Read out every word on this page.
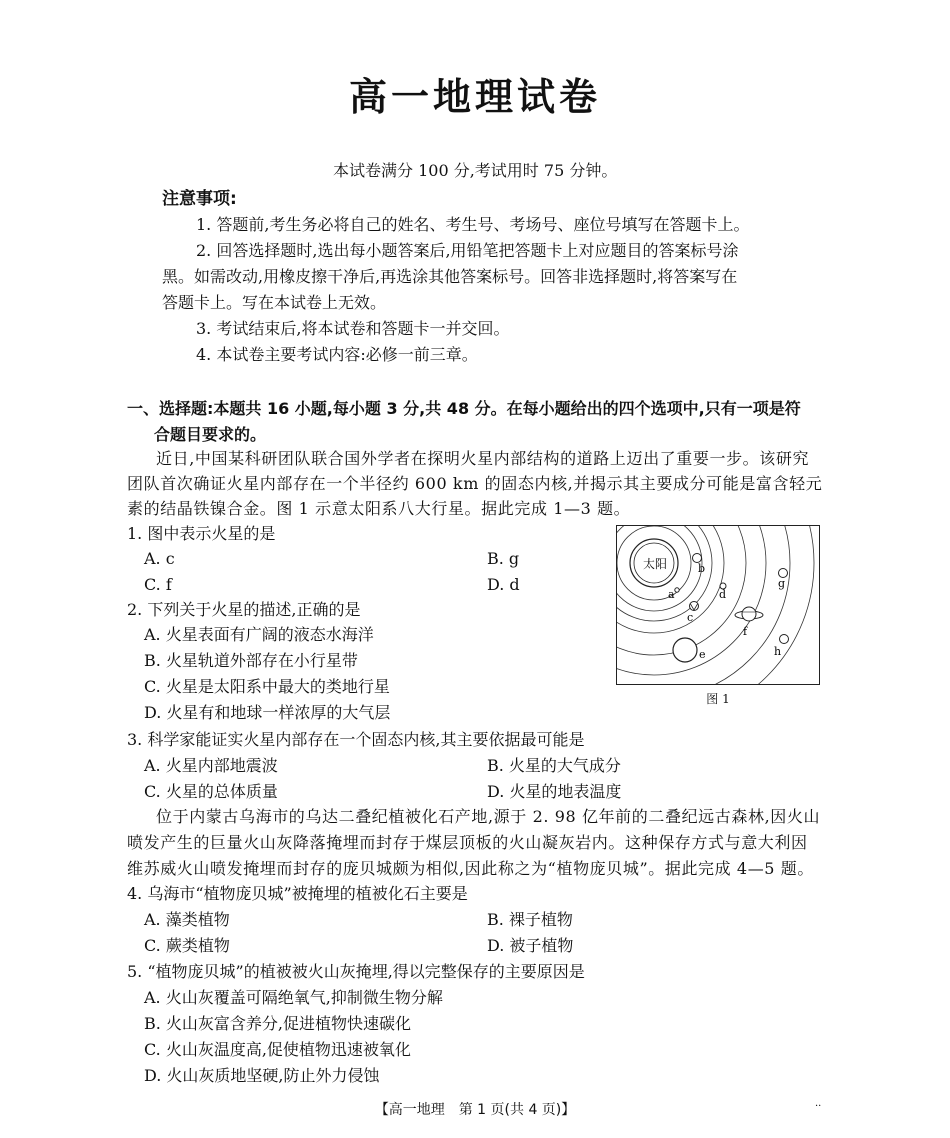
高一地理试卷
本试卷满分 100 分,考试用时 75 分钟。
注意事项:
1. 答题前,考生务必将自己的姓名、考生号、考场号、座位号填写在答题卡上。
2. 回答选择题时,选出每小题答案后,用铅笔把答题卡上对应题目的答案标号涂
黑。如需改动,用橡皮擦干净后,再选涂其他答案标号。回答非选择题时,将答案写在
答题卡上。写在本试卷上无效。
3. 考试结束后,将本试卷和答题卡一并交回。
4. 本试卷主要考试内容:必修一前三章。
一、选择题:本题共 16 小题,每小题 3 分,共 48 分。在每小题给出的四个选项中,只有一项是符
合题目要求的。
近日,中国某科研团队联合国外学者在探明火星内部结构的道路上迈出了重要一步。该研究
团队首次确证火星内部存在一个半径约 600 km 的固态内核,并揭示其主要成分可能是富含轻元
素的结晶铁镍合金。图 1 示意太阳系八大行星。据此完成 1—3 题。
1. 图中表示火星的是
A. c	B. g
C. f	D. d
2. 下列关于火星的描述,正确的是
A. 火星表面有广阔的液态水海洋
B. 火星轨道外部存在小行星带
C. 火星是太阳系中最大的类地行星
D. 火星有和地球一样浓厚的大气层
3. 科学家能证实火星内部存在一个固态内核,其主要依据最可能是
A. 火星内部地震波	B. 火星的大气成分
C. 火星的总体质量	D. 火星的地表温度
位于内蒙古乌海市的乌达二叠纪植被化石产地,源于 2. 98 亿年前的二叠纪远古森林,因火山
喷发产生的巨量火山灰降落掩埋而封存于煤层顶板的火山凝灰岩内。这种保存方式与意大利因
维苏威火山喷发掩埋而封存的庞贝城颇为相似,因此称之为“植物庞贝城”。据此完成 4—5 题。
4. 乌海市“植物庞贝城”被掩埋的植被化石主要是
A. 藻类植物	B. 裸子植物
C. 蕨类植物	D. 被子植物
5. “植物庞贝城”的植被被火山灰掩埋,得以完整保存的主要原因是
A. 火山灰覆盖可隔绝氧气,抑制微生物分解
B. 火山灰富含养分,促进植物快速碳化
C. 火山灰温度高,促使植物迅速被氧化
D. 火山灰质地坚硬,防止外力侵蚀
太阳
a
b
c
d
e
f
g
h
图 1
【高一地理　第 1 页(共 4 页)】	··
